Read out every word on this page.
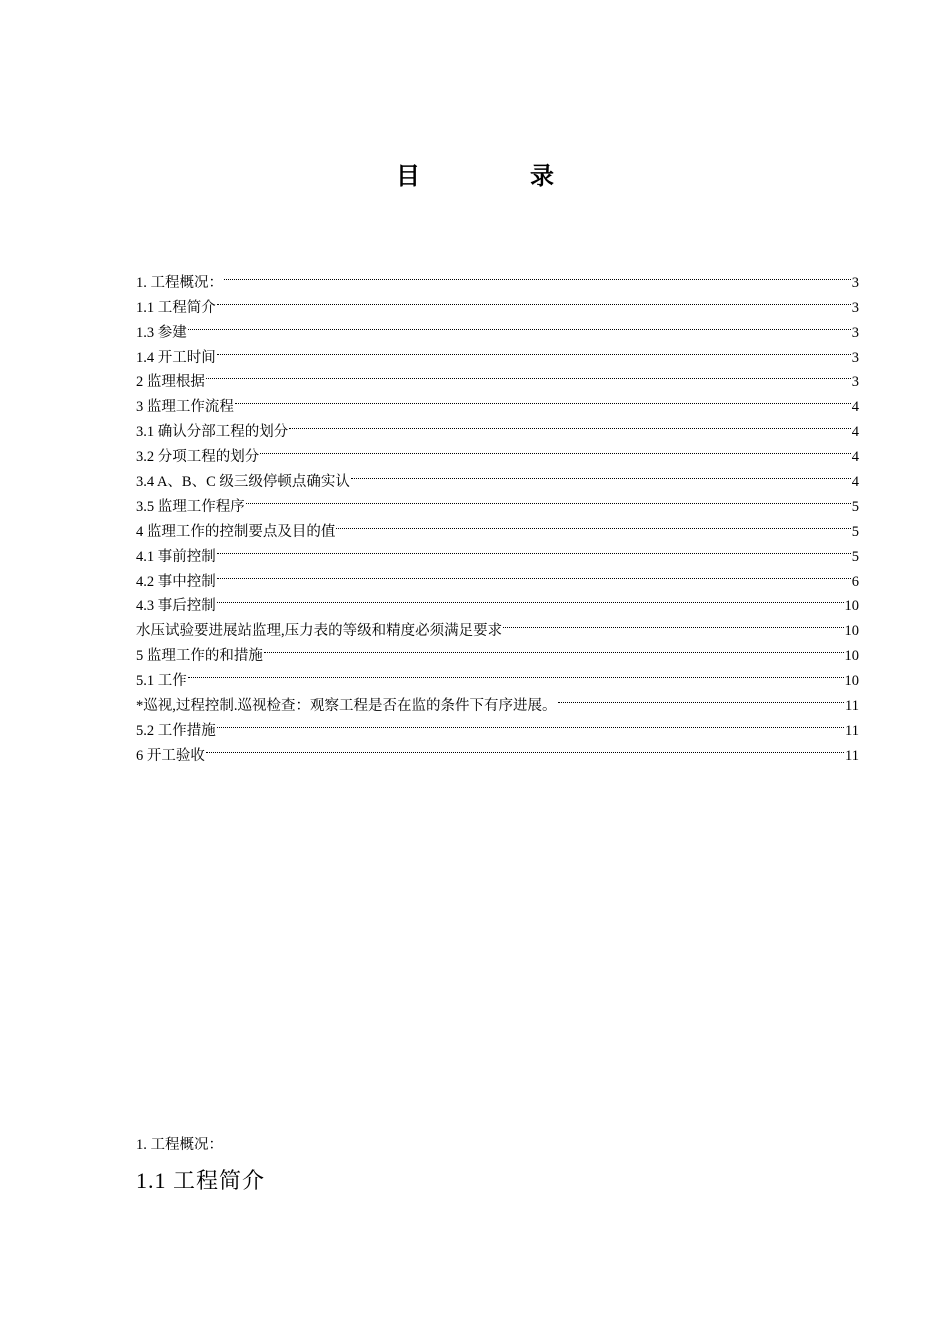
目	录
1. 工程概况：	3
1.1 工程简介	3
1.3 参建	3
1.4 开工时间	3
2 监理根据	3
3 监理工作流程	4
3.1 确认分部工程的划分	4
3.2 分项工程的划分	4
3.4 A、B、C 级三级停顿点确实认	4
3.5 监理工作程序	5
4 监理工作的控制要点及目的值	5
4.1 事前控制	5
4.2 事中控制	6
4.3 事后控制	10
水压试验要进展站监理,压力表的等级和精度必须满足要求	10
5 监理工作的和措施	10
5.1 工作	10
*巡视,过程控制.巡视检查：观察工程是否在监的条件下有序进展。	11
5.2 工作措施	11
6 开工验收	11
1. 工程概况：
1.1 工程简介
